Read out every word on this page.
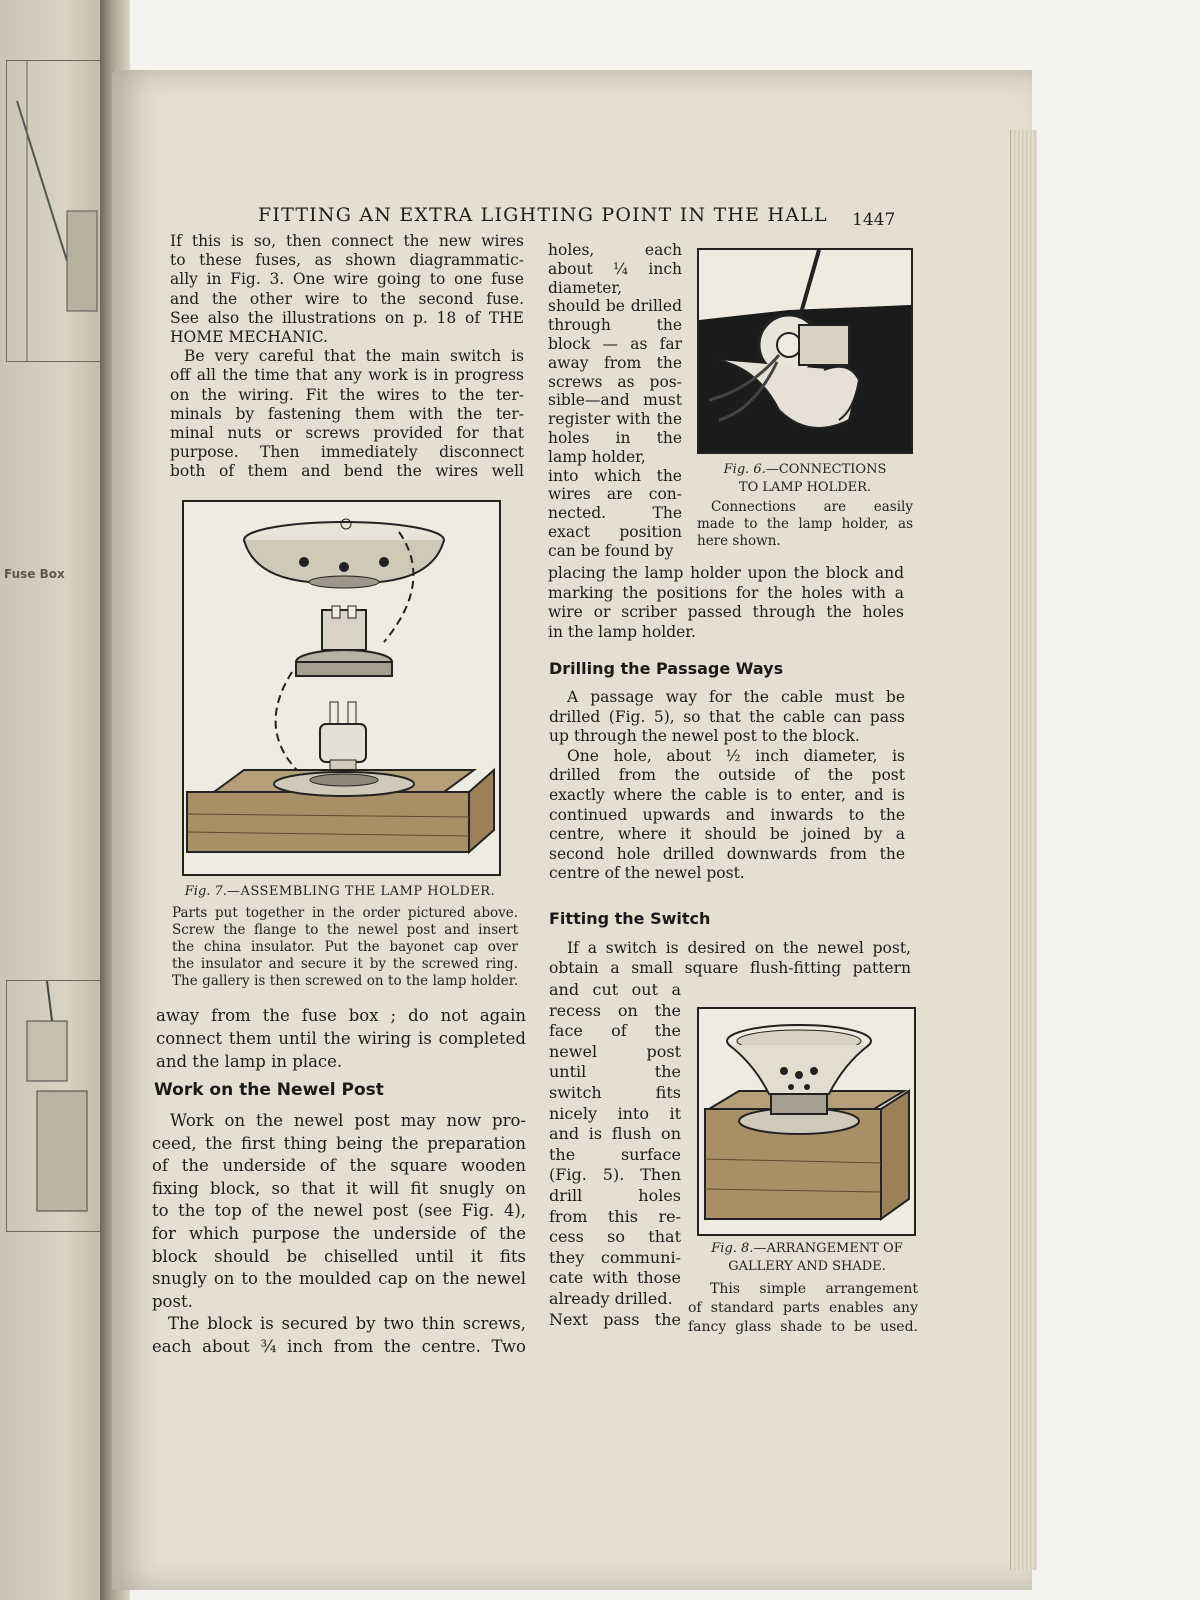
Fuse Box
FITTING AN EXTRA LIGHTING POINT IN THE HALL 1447
If this is so, then connect the new wires
to these fuses, as shown diagrammatic-
ally in Fig. 3. One wire going to one fuse
and the other wire to the second fuse.
See also the illustrations on p. 18 of THE
HOME MECHANIC.
Be very careful that the main switch is
off all the time that any work is in progress
on the wiring. Fit the wires to the ter-
minals by fastening them with the ter-
minal nuts or screws provided for that
purpose. Then immediately disconnect
both of them and bend the wires well
Fig. 7.—ASSEMBLING THE LAMP HOLDER.
Parts put together in the order pictured above.
Screw the flange to the newel post and insert
the china insulator. Put the bayonet cap over
the insulator and secure it by the screwed ring.
The gallery is then screwed on to the lamp holder.
away from the fuse box ; do not again
connect them until the wiring is completed
and the lamp in place.
Work on the Newel Post
Work on the newel post may now pro-
ceed, the first thing being the preparation
of the underside of the square wooden
fixing block, so that it will fit snugly on
to the top of the newel post (see Fig. 4),
for which purpose the underside of the
block should be chiselled until it fits
snugly on to the moulded cap on the newel
post.
The block is secured by two thin screws,
each about ¾ inch from the centre. Two
holes, each
about ¼ inch
diameter,
should be drilled
through the
block — as far
away from the
screws as pos-
sible—and must
register with the
holes in the
lamp holder,
into which the
wires are con-
nected. The
exact position
can be found by
Fig. 6.—CONNECTIONS
TO LAMP HOLDER.
Connections are easily
made to the lamp holder, as
here shown.
placing the lamp holder upon the block and
marking the positions for the holes with a
wire or scriber passed through the holes
in the lamp holder.
Drilling the Passage Ways
A passage way for the cable must be
drilled (Fig. 5), so that the cable can pass
up through the newel post to the block.
One hole, about ½ inch diameter, is
drilled from the outside of the post
exactly where the cable is to enter, and is
continued upwards and inwards to the
centre, where it should be joined by a
second hole drilled downwards from the
centre of the newel post.
Fitting the Switch
If a switch is desired on the newel post,
obtain a small square flush-fitting pattern
and cut out a
recess on the
face of the
newel post
until the
switch fits
nicely into it
and is flush on
the surface
(Fig. 5). Then
drill holes
from this re-
cess so that
they communi-
cate with those
already drilled.
Next pass the
Fig. 8.—ARRANGEMENT OF
GALLERY AND SHADE.
This simple arrangement
of standard parts enables any
fancy glass shade to be used.
